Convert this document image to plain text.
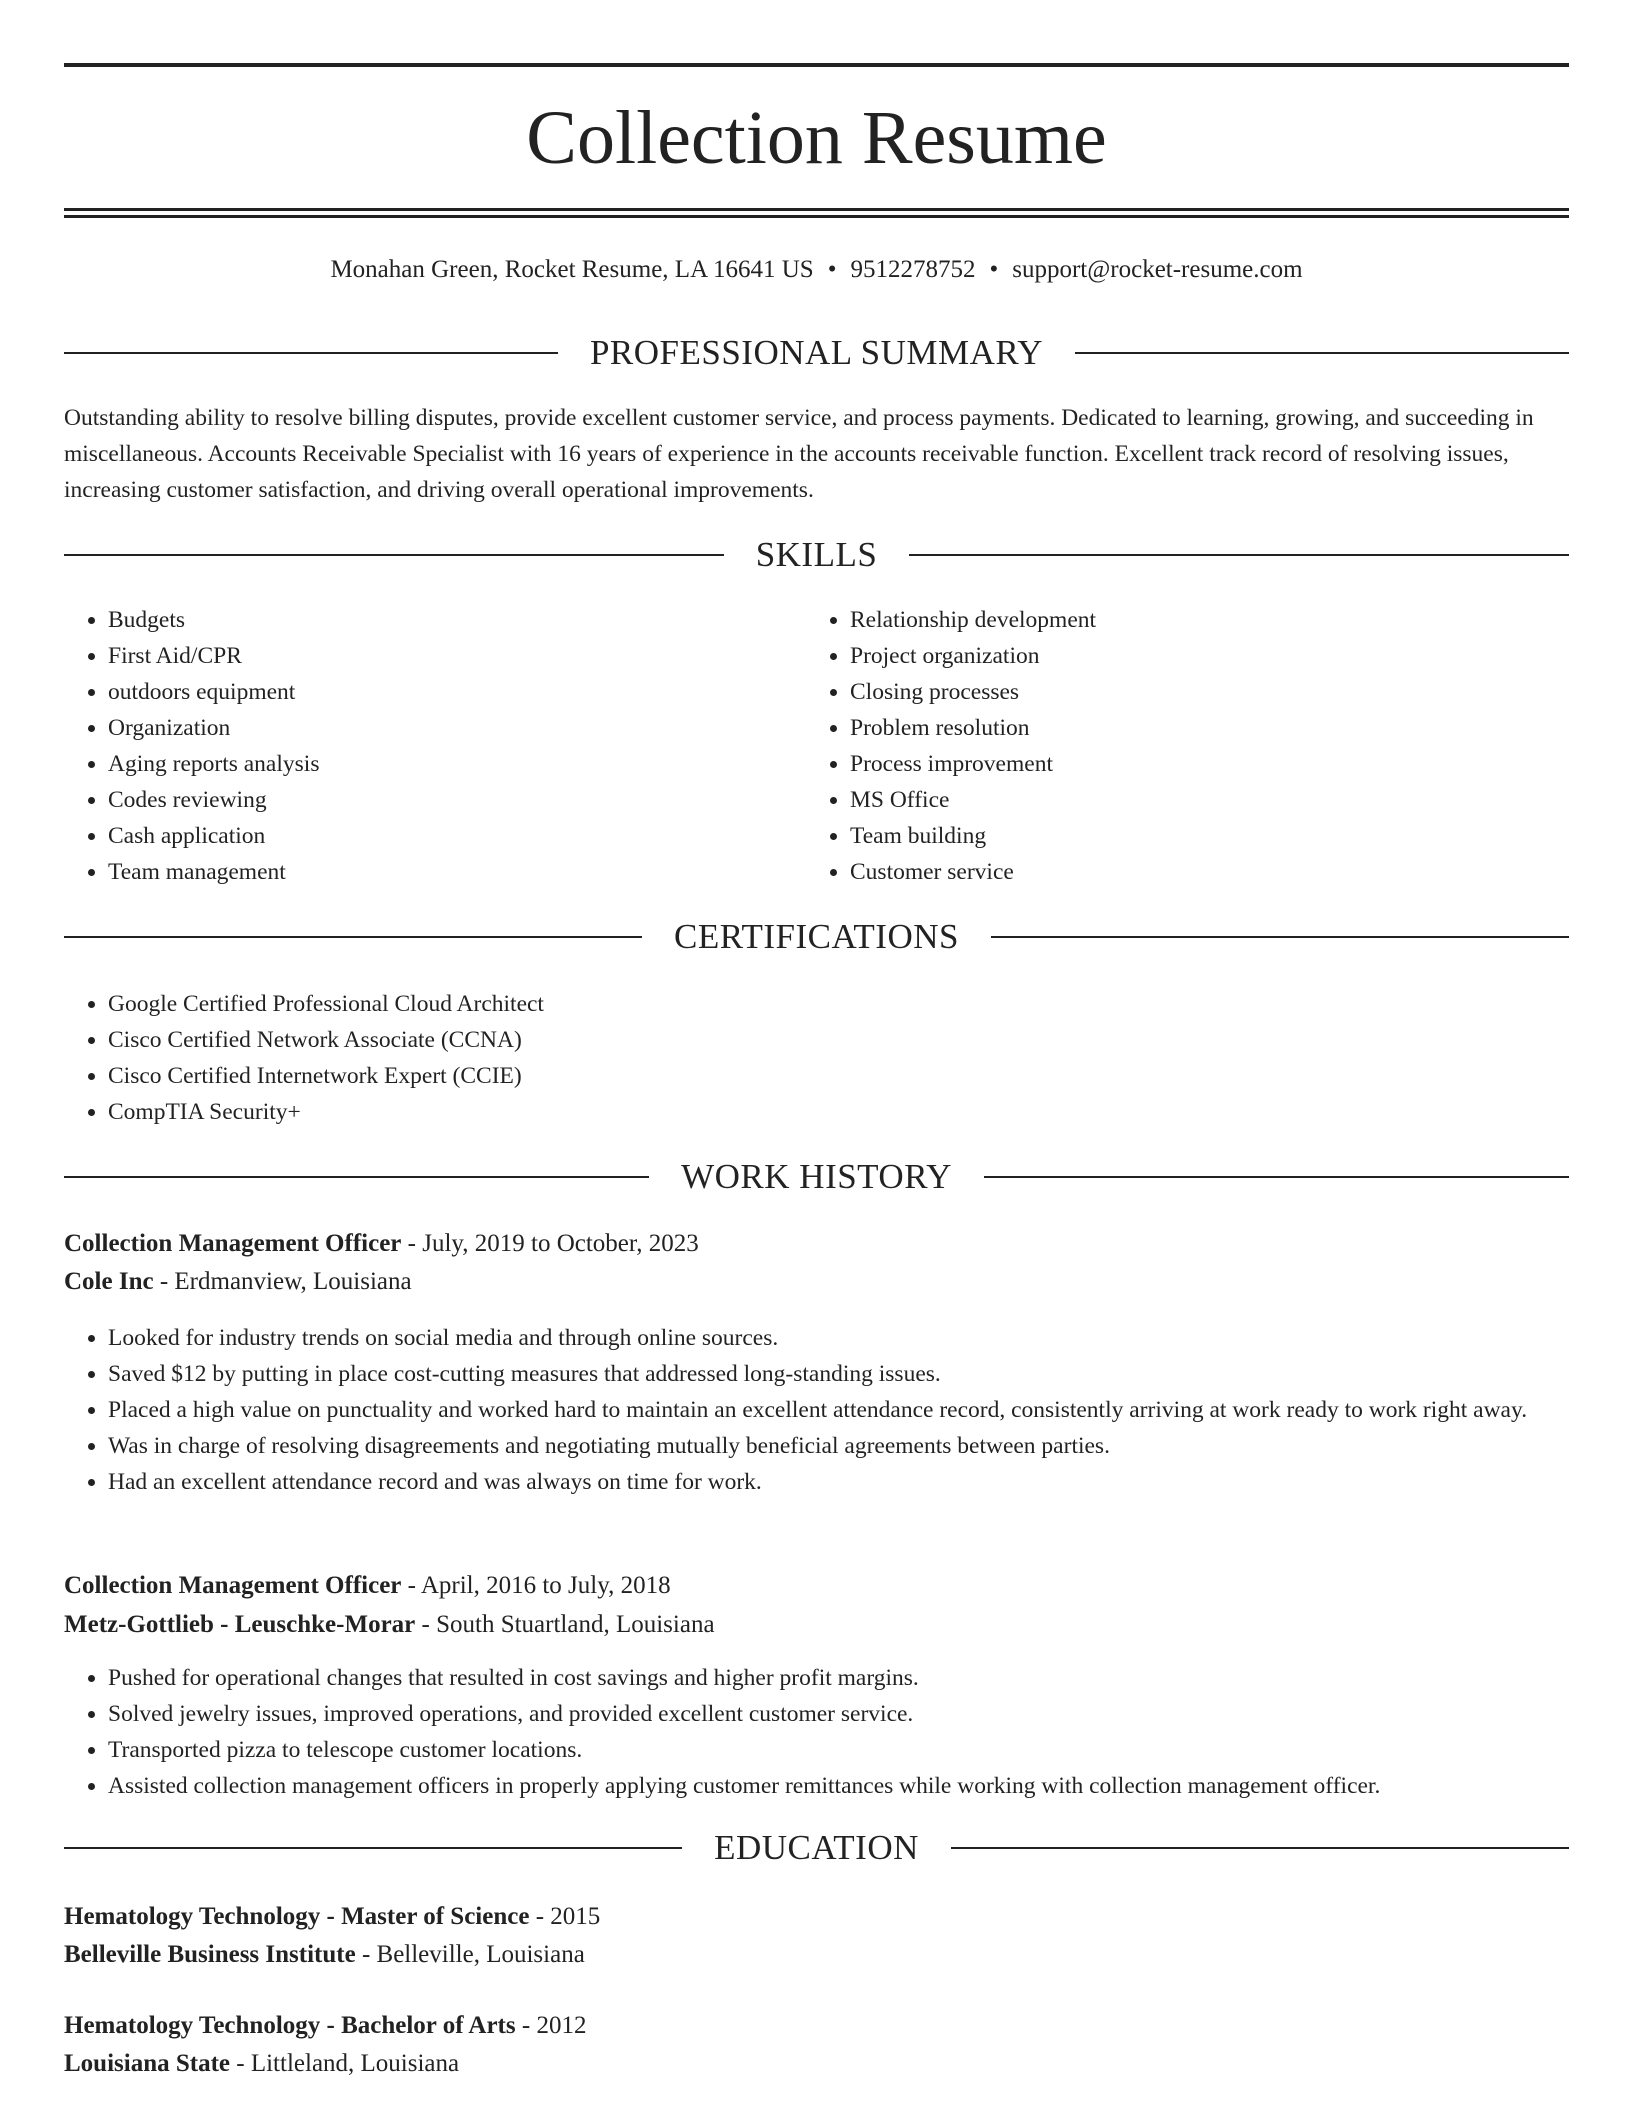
Collection Resume
Monahan Green, Rocket Resume, LA 16641 US • 9512278752 • support@rocket-resume.com
PROFESSIONAL SUMMARY

Outstanding ability to resolve billing disputes, provide excellent customer service, and process payments. Dedicated to learning, growing, and succeeding in miscellaneous. Accounts Receivable Specialist with 16 years of experience in the accounts receivable function. Excellent track record of resolving issues, increasing customer satisfaction, and driving overall operational improvements.

SKILLS
• Budgets
• First Aid/CPR
• outdoors equipment
• Organization
• Aging reports analysis
• Codes reviewing
• Cash application
• Team management
• Relationship development
• Project organization
• Closing processes
• Problem resolution
• Process improvement
• MS Office
• Team building
• Customer service
CERTIFICATIONS
• Google Certified Professional Cloud Architect
• Cisco Certified Network Associate (CCNA)
• Cisco Certified Internetwork Expert (CCIE)
• CompTIA Security+
WORK HISTORY
Collection Management Officer - July, 2019 to October, 2023
Cole Inc - Erdmanview, Louisiana
• Looked for industry trends on social media and through online sources.
• Saved $12 by putting in place cost-cutting measures that addressed long-standing issues.
• Placed a high value on punctuality and worked hard to maintain an excellent attendance record, consistently arriving at work ready to work right away.
• Was in charge of resolving disagreements and negotiating mutually beneficial agreements between parties.
• Had an excellent attendance record and was always on time for work.
Collection Management Officer - April, 2016 to July, 2018
Metz-Gottlieb - Leuschke-Morar - South Stuartland, Louisiana
• Pushed for operational changes that resulted in cost savings and higher profit margins.
• Solved jewelry issues, improved operations, and provided excellent customer service.
• Transported pizza to telescope customer locations.
• Assisted collection management officers in properly applying customer remittances while working with collection management officer.
EDUCATION
Hematology Technology - Master of Science - 2015
Belleville Business Institute - Belleville, Louisiana
Hematology Technology - Bachelor of Arts - 2012
Louisiana State - Littleland, Louisiana
